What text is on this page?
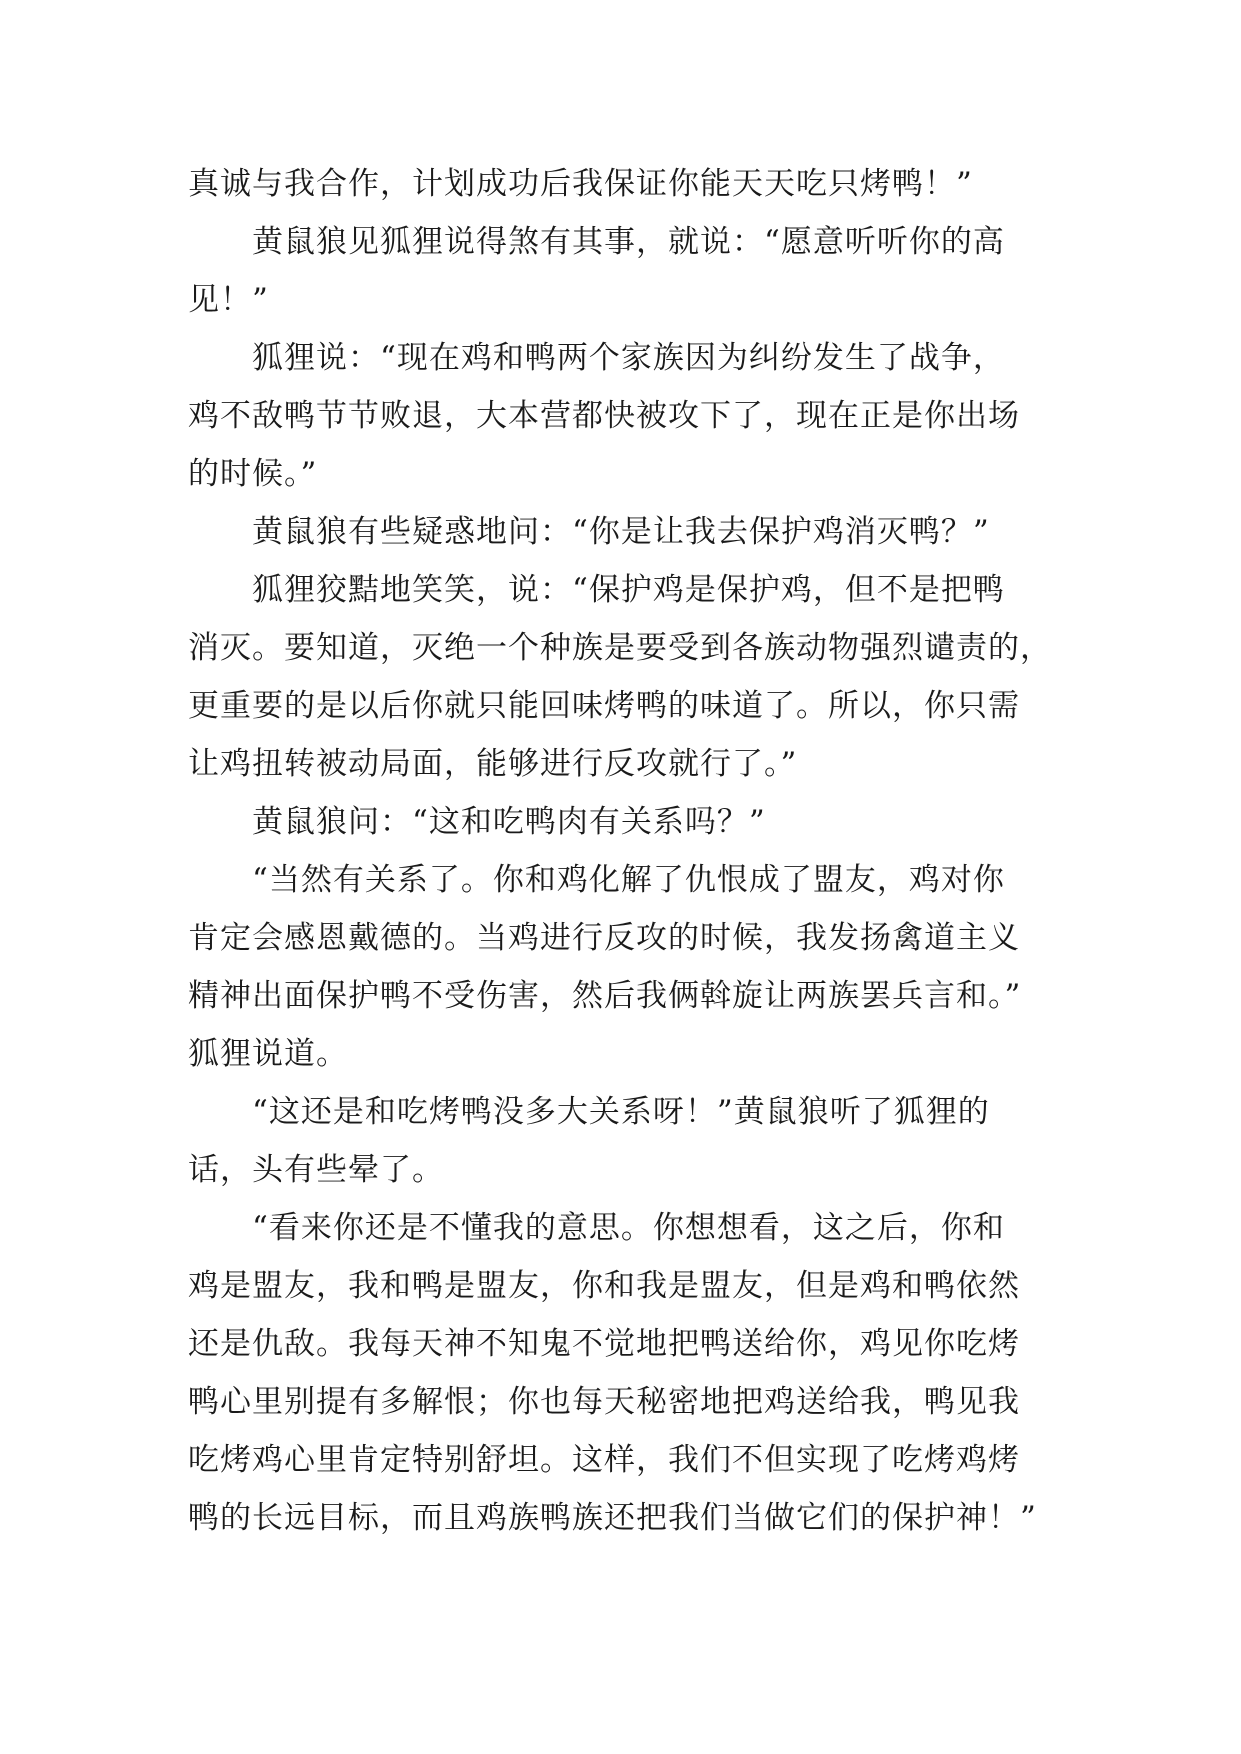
真诚与我合作，计划成功后我保证你能天天吃只烤鸭！”
黄鼠狼见狐狸说得煞有其事，就说：“愿意听听你的高
见！”
狐狸说：“现在鸡和鸭两个家族因为纠纷发生了战争，
鸡不敌鸭节节败退，大本营都快被攻下了，现在正是你出场
的时候。”
黄鼠狼有些疑惑地问：“你是让我去保护鸡消灭鸭？”
狐狸狡黠地笑笑，说：“保护鸡是保护鸡，但不是把鸭
消灭。要知道，灭绝一个种族是要受到各族动物强烈谴责的，
更重要的是以后你就只能回味烤鸭的味道了。所以，你只需
让鸡扭转被动局面，能够进行反攻就行了。”
黄鼠狼问：“这和吃鸭肉有关系吗？”
“当然有关系了。你和鸡化解了仇恨成了盟友，鸡对你
肯定会感恩戴德的。当鸡进行反攻的时候，我发扬禽道主义
精神出面保护鸭不受伤害，然后我俩斡旋让两族罢兵言和。”
狐狸说道。
“这还是和吃烤鸭没多大关系呀！”黄鼠狼听了狐狸的
话，头有些晕了。
“看来你还是不懂我的意思。你想想看，这之后，你和
鸡是盟友，我和鸭是盟友，你和我是盟友，但是鸡和鸭依然
还是仇敌。我每天神不知鬼不觉地把鸭送给你，鸡见你吃烤
鸭心里别提有多解恨；你也每天秘密地把鸡送给我，鸭见我
吃烤鸡心里肯定特别舒坦。这样，我们不但实现了吃烤鸡烤
鸭的长远目标，而且鸡族鸭族还把我们当做它们的保护神！”
